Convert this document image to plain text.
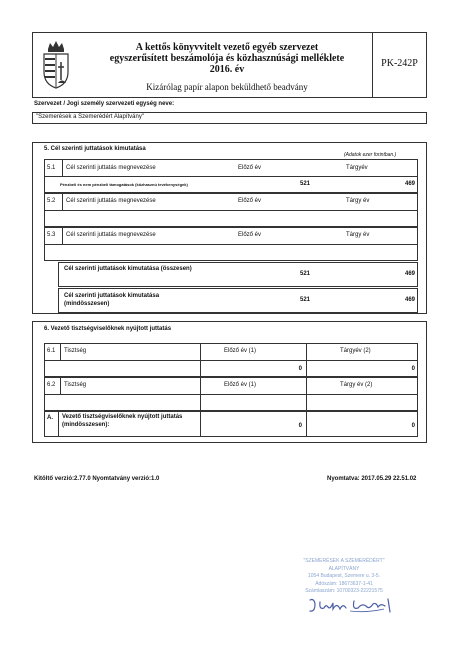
A kettős könyvvitelt vezető egyéb szervezet
egyszerűsített beszámolója és közhasznúsági melléklete
2016. év
Kizárólag papír alapon beküldhető beadvány
PK-242P
Szervezet / Jogi személy szervezeti egység neve:
"Szemerések a Szemerédért Alapítvány"
5. Cél szerinti juttatások kimutatása
(Adatok ezer forintban.)
5.1 Cél szerinti juttatás megnevezése	Előző év	Tárgyév
Pénzbeli és nem pénzbeli támogatások (közhasznú tevékenységek)	521	469
5.2 Cél szerinti juttatás megnevezése	Előző év	Tárgy év
5.3 Cél szerinti juttatás megnevezése	Előző év	Tárgy év
Cél szerinti juttatások kimutatása (összesen)
521	469
Cél szerinti juttatások kimutatása (mindösszesen)
521	469
6. Vezető tisztségviselőknek nyújtott juttatás
6.1 Tisztség	Előző év (1)	Tárgyév (2)
0	0
6.2 Tisztség	Előző év (1)	Tárgy év (2)
A. Vezető tisztségviselőknek nyújtott juttatás (mindösszesen):	0	0
Kitöltő verzió:2.77.0 Nyomtatvány verzió:1.0	Nyomtatva: 2017.05.29 22.51.02
"SZEMERÉSEK A SZEMERÉDÉRT"
ALAPÍTVÁNY
1054 Budapest, Szemere u. 3-5.
Adószám: 18673637-1-41
Számlaszám: 10700323-22221575
